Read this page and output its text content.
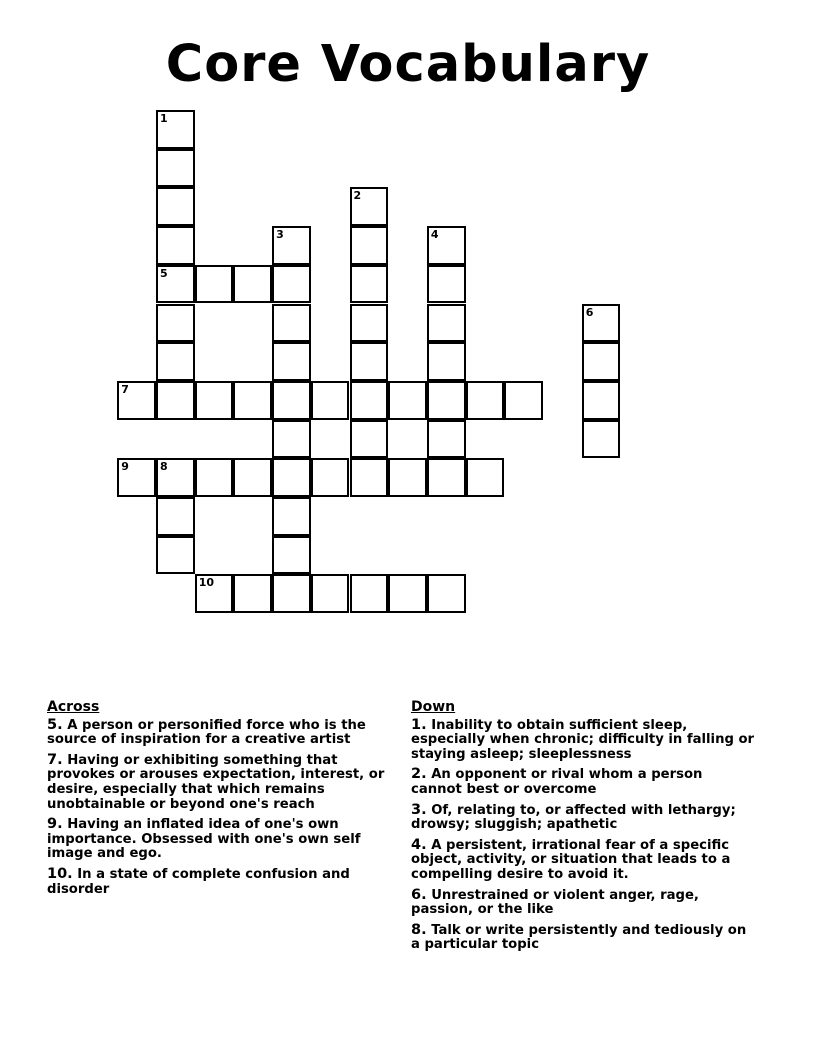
Core Vocabulary
1
5
2
3	4
6
7
8
9
10
Across
5. A person or personified force who is the source of inspiration for a creative artist
7. Having or exhibiting something that provokes or arouses expectation, interest, or desire, especially that which remains unobtainable or beyond one's reach
9. Having an inflated idea of one's own importance. Obsessed with one's own self image and ego.
10. In a state of complete confusion and disorder
Down
1. Inability to obtain sufficient sleep, especially when chronic; difficulty in falling or staying asleep; sleeplessness
2. An opponent or rival whom a person cannot best or overcome
3. Of, relating to, or affected with lethargy; drowsy; sluggish; apathetic
4. A persistent, irrational fear of a specific object, activity, or situation that leads to a compelling desire to avoid it.
6. Unrestrained or violent anger, rage, passion, or the like
8. Talk or write persistently and tediously on a particular topic
